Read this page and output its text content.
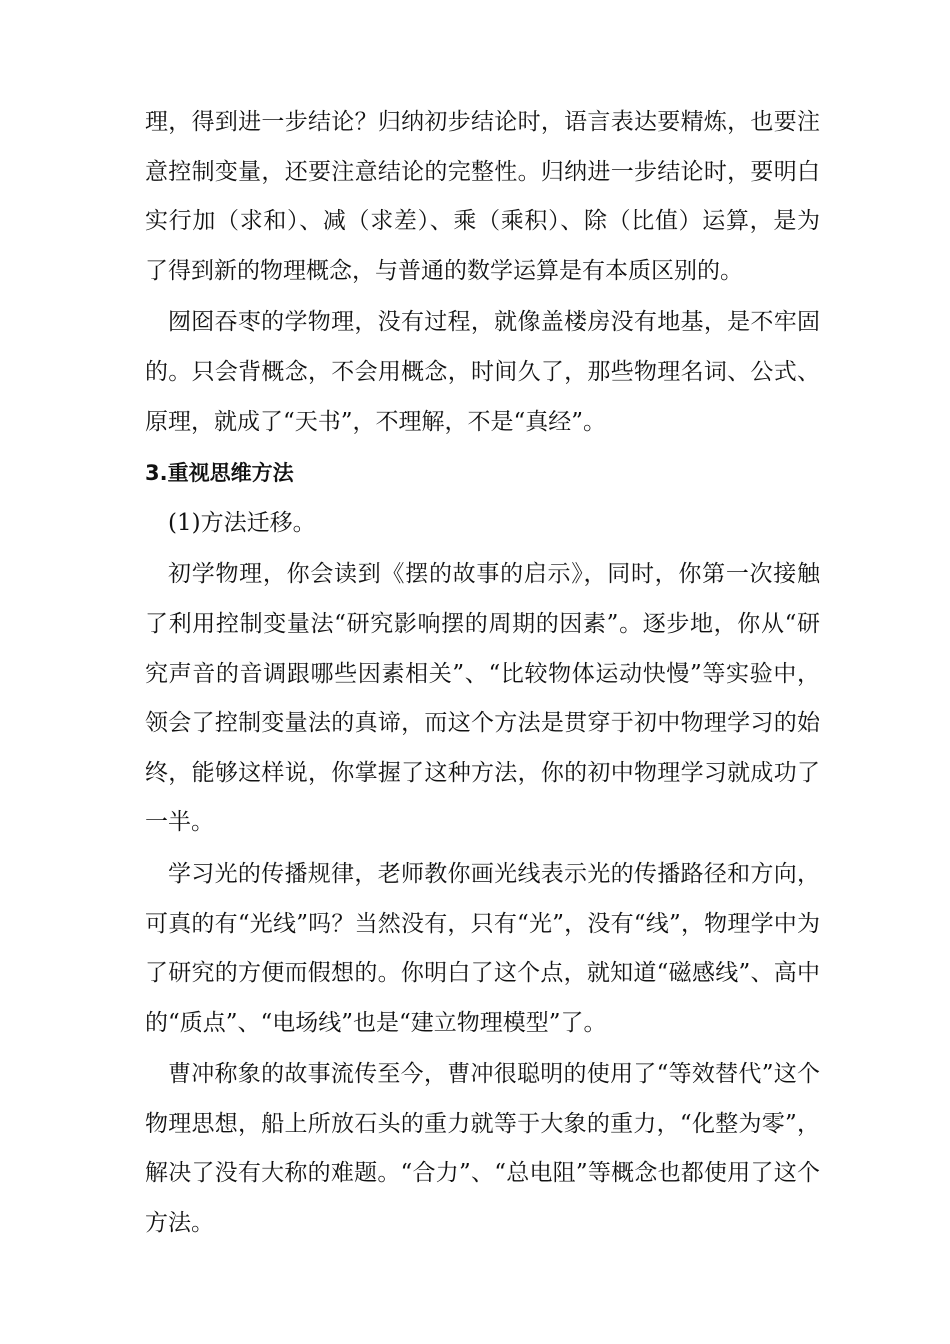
理，得到进一步结论？归纳初步结论时，语言表达要精炼，也要注意控制变量，还要注意结论的完整性。归纳进一步结论时，要明白实行加（求和）、减（求差）、乘（乘积）、除（比值）运算，是为了得到新的物理概念，与普通的数学运算是有本质区别的。

囫囵吞枣的学物理，没有过程，就像盖楼房没有地基，是不牢固的。只会背概念，不会用概念，时间久了，那些物理名词、公式、原理，就成了“天书”，不理解，不是“真经”。

3.重视思维方法

(1)方法迁移。

初学物理，你会读到《摆的故事的启示》，同时，你第一次接触了利用控制变量法“研究影响摆的周期的因素”。逐步地，你从“研究声音的音调跟哪些因素相关”、“比较物体运动快慢”等实验中，领会了控制变量法的真谛，而这个方法是贯穿于初中物理学习的始终，能够这样说，你掌握了这种方法，你的初中物理学习就成功了一半。

学习光的传播规律，老师教你画光线表示光的传播路径和方向，可真的有“光线”吗？当然没有，只有“光”，没有“线”，物理学中为了研究的方便而假想的。你明白了这个点，就知道“磁感线”、高中的“质点”、“电场线”也是“建立物理模型”了。

曹冲称象的故事流传至今，曹冲很聪明的使用了“等效替代”这个物理思想，船上所放石头的重力就等于大象的重力，“化整为零”，解决了没有大称的难题。“合力”、“总电阻”等概念也都使用了这个方法。
